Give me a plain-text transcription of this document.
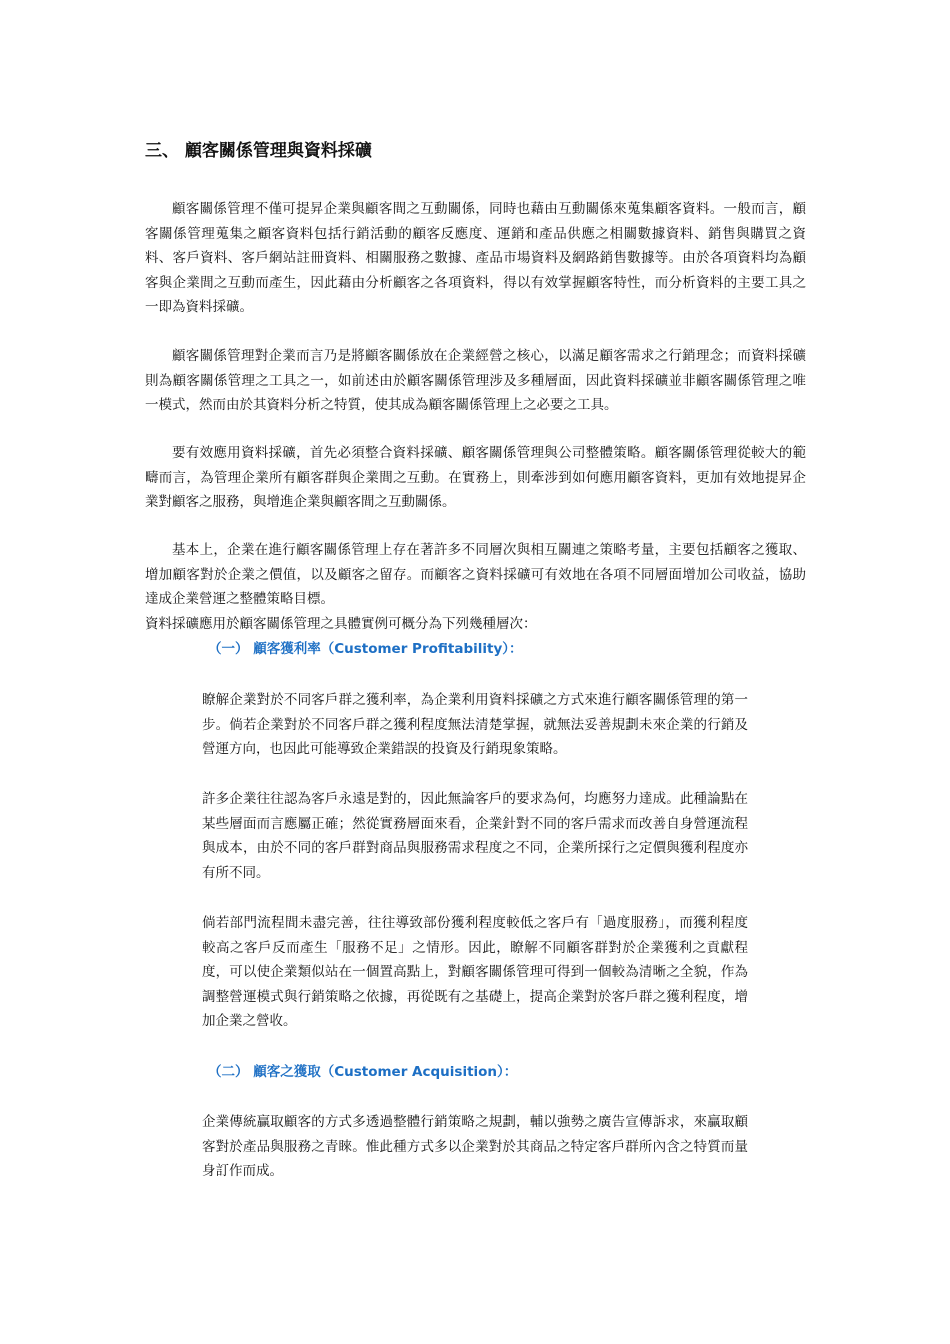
三、 顧客關係管理與資料採礦

顧客關係管理不僅可提昇企業與顧客間之互動關係，同時也藉由互動關係來蒐集顧客資料。一般而言，顧客關係管理蒐集之顧客資料包括行銷活動的顧客反應度、運銷和產品供應之相關數據資料、銷售與購買之資料、客戶資料、客戶網站註冊資料、相關服務之數據、產品市場資料及網路銷售數據等。由於各項資料均為顧客與企業間之互動而產生，因此藉由分析顧客之各項資料，得以有效掌握顧客特性，而分析資料的主要工具之一即為資料採礦。

顧客關係管理對企業而言乃是將顧客關係放在企業經營之核心，以滿足顧客需求之行銷理念；而資料採礦則為顧客關係管理之工具之一，如前述由於顧客關係管理涉及多種層面，因此資料採礦並非顧客關係管理之唯一模式，然而由於其資料分析之特質，使其成為顧客關係管理上之必要之工具。

要有效應用資料採礦，首先必須整合資料採礦、顧客關係管理與公司整體策略。顧客關係管理從較大的範疇而言，為管理企業所有顧客群與企業間之互動。在實務上，則牽涉到如何應用顧客資料，更加有效地提昇企業對顧客之服務，與增進企業與顧客間之互動關係。

基本上，企業在進行顧客關係管理上存在著許多不同層次與相互關連之策略考量，主要包括顧客之獲取、增加顧客對於企業之價值，以及顧客之留存。而顧客之資料採礦可有效地在各項不同層面增加公司收益，協助達成企業營運之整體策略目標。

資料採礦應用於顧客關係管理之具體實例可概分為下列幾種層次：

（一） 顧客獲利率（Customer Profitability）：

瞭解企業對於不同客戶群之獲利率，為企業利用資料採礦之方式來進行顧客關係管理的第一步。倘若企業對於不同客戶群之獲利程度無法清楚掌握，就無法妥善規劃未來企業的行銷及營運方向，也因此可能導致企業錯誤的投資及行銷現象策略。

許多企業往往認為客戶永遠是對的，因此無論客戶的要求為何，均應努力達成。此種論點在某些層面而言應屬正確；然從實務層面來看，企業針對不同的客戶需求而改善自身營運流程與成本，由於不同的客戶群對商品與服務需求程度之不同，企業所採行之定價與獲利程度亦有所不同。

倘若部門流程間未盡完善，往往導致部份獲利程度較低之客戶有「過度服務」，而獲利程度較高之客戶反而產生「服務不足」之情形。因此，瞭解不同顧客群對於企業獲利之貢獻程度，可以使企業類似站在一個置高點上，對顧客關係管理可得到一個較為清晰之全貌，作為調整營運模式與行銷策略之依據，再從既有之基礎上，提高企業對於客戶群之獲利程度，增加企業之營收。

（二） 顧客之獲取（Customer Acquisition）：

企業傳統贏取顧客的方式多透過整體行銷策略之規劃，輔以強勢之廣告宣傳訴求，來贏取顧客對於產品與服務之青睞。惟此種方式多以企業對於其商品之特定客戶群所內含之特質而量身訂作而成。
